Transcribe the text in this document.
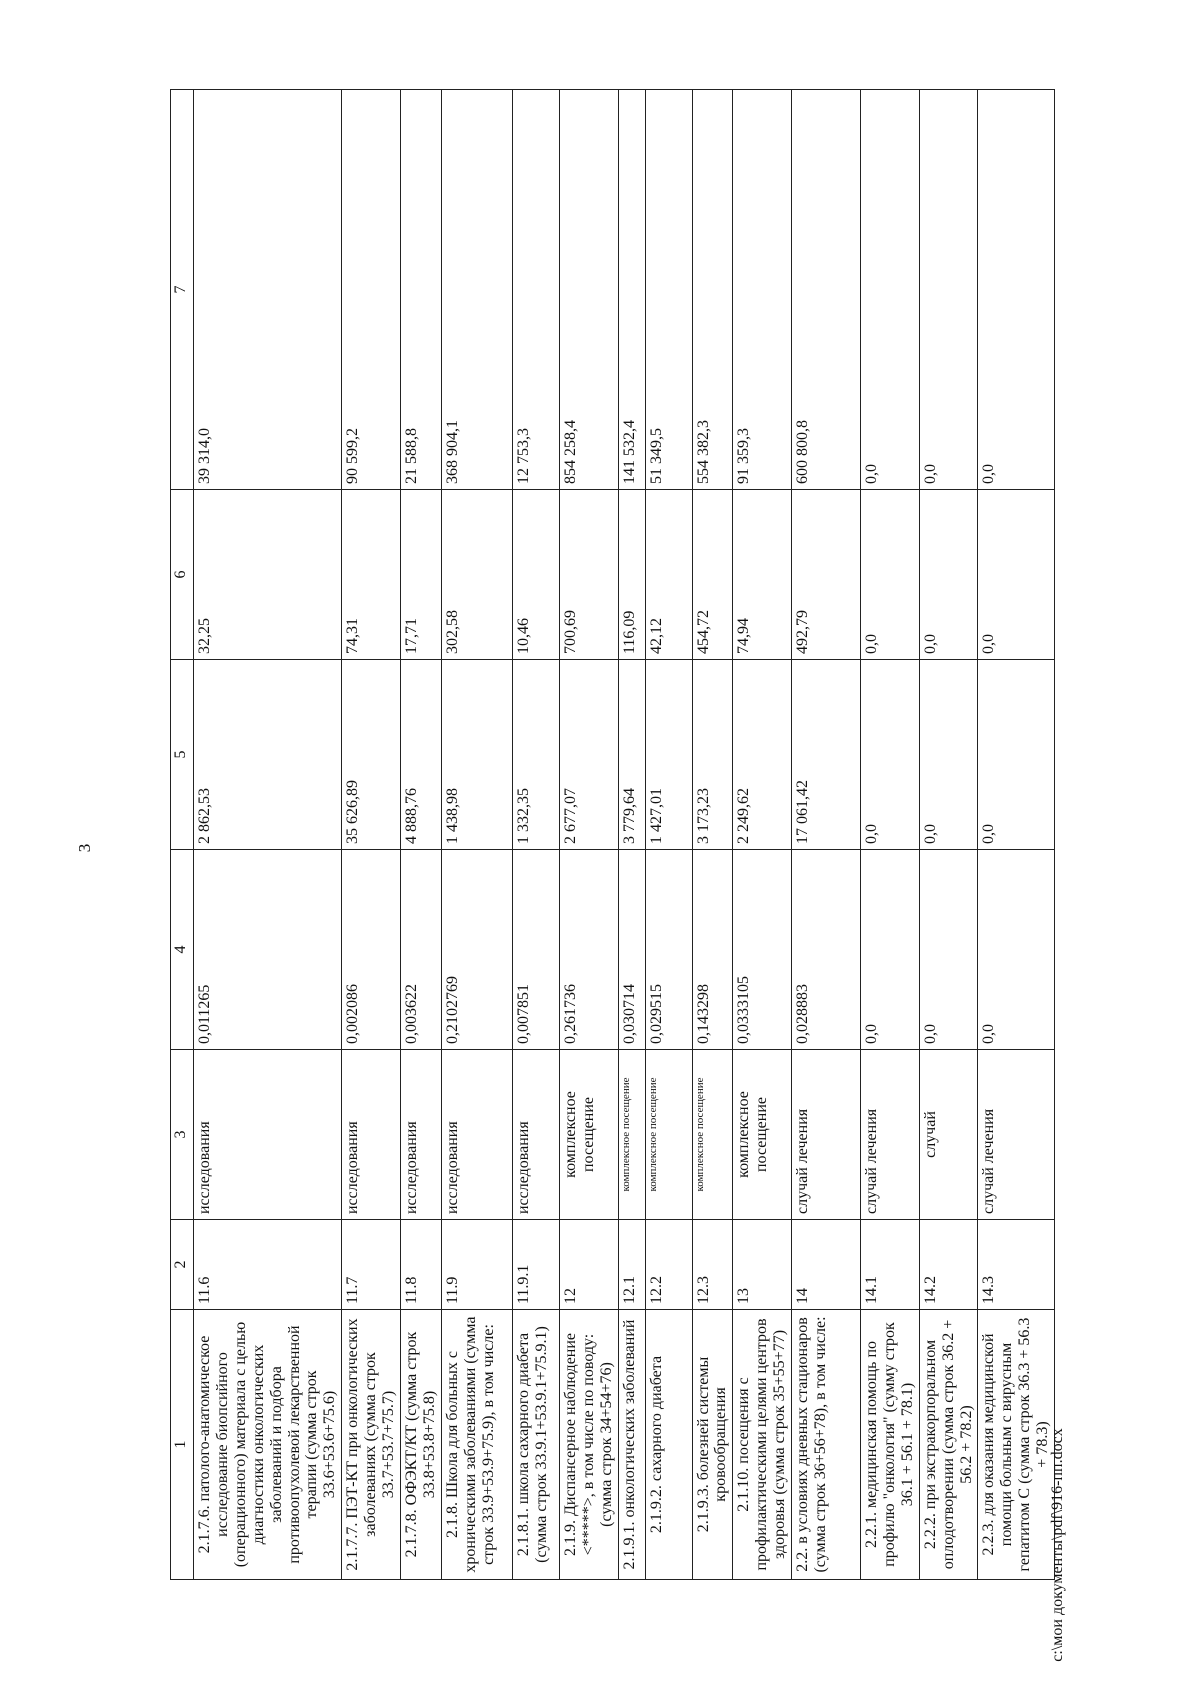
3
1	2	3	4	5	6	7
2.1.7.6. патолого-анатомическое исследование биопсийного (операционного) материала с целью диагностики онкологических заболеваний и подбора противоопухолевой лекарственной терапии (сумма строк 33.6+53.6+75.6)	11.6	исследования	0,011265	2 862,53	32,25	39 314,0
2.1.7.7. ПЭТ-КТ при онкологических заболеваниях (сумма строк 33.7+53.7+75.7)	11.7	исследования	0,002086	35 626,89	74,31	90 599,2
2.1.7.8. ОФЭКТ/КТ (сумма строк 33.8+53.8+75.8)	11.8	исследования	0,003622	4 888,76	17,71	21 588,8
2.1.8. Школа для больных с хроническими заболеваниями (сумма строк 33.9+53.9+75.9), в том числе:	11.9	исследования	0,2102769	1 438,98	302,58	368 904,1
2.1.8.1. школа сахарного диабета (сумма строк 33.9.1+53.9.1+75.9.1)	11.9.1	исследования	0,007851	1 332,35	10,46	12 753,3
2.1.9. Диспансерное наблюдение <*****>, в том числе по поводу: (сумма строк 34+54+76)	12	комплексное посещение	0,261736	2 677,07	700,69	854 258,4
2.1.9.1. онкологических заболеваний	12.1	комплексное посещение	0,030714	3 779,64	116,09	141 532,4
2.1.9.2. сахарного диабета	12.2	комплексное посещение	0,029515	1 427,01	42,12	51 349,5
2.1.9.3. болезней системы кровообращения	12.3	комплексное посещение	0,143298	3 173,23	454,72	554 382,3
2.1.10. посещения с профилактическими целями центров здоровья (сумма строк 35+55+77)	13	комплексное посещение	0,0333105	2 249,62	74,94	91 359,3
2.2. в условиях дневных стационаров (сумма строк 36+56+78), в том числе:	14	случай лечения	0,028883	17 061,42	492,79	600 800,8
2.2.1. медицинская помощь по профилю "онкология" (сумму строк 36.1 + 56.1 + 78.1)	14.1	случай лечения	0,0	0,0	0,0	0,0
2.2.2. при экстракорпоральном оплодотворении (сумма строк 36.2 + 56.2 + 78.2)	14.2	случай	0,0	0,0	0,0	0,0
2.2.3. для оказания медицинской помощи больным с вирусным гепатитом С (сумма строк 36.3 + 56.3 + 78.3)	14.3	случай лечения	0,0	0,0	0,0	0,0
c:\мои документы\pdf\916-пп.docx
